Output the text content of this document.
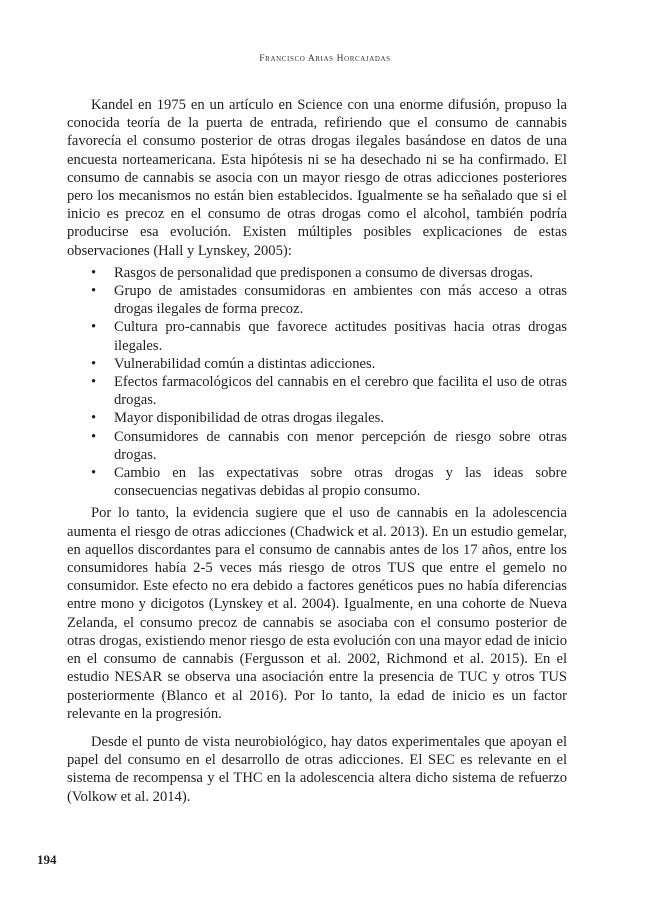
Francisco Arias Horcajadas

Kandel en 1975 en un artículo en Science con una enorme difusión, propuso la conocida teoría de la puerta de entrada, refiriendo que el consumo de cannabis favorecía el consumo posterior de otras drogas ilegales basándose en datos de una encuesta norteamericana. Esta hipótesis ni se ha desechado ni se ha confirmado. El consumo de cannabis se asocia con un mayor riesgo de otras adicciones posteriores pero los mecanismos no están bien establecidos. Igualmente se ha señalado que si el inicio es precoz en el consumo de otras drogas como el alcohol, también podría producirse esa evolución. Existen múltiples posibles explicaciones de estas observaciones (Hall y Lynskey, 2005):

• Rasgos de personalidad que predisponen a consumo de diversas drogas.
• Grupo de amistades consumidoras en ambientes con más acceso a otras drogas ilegales de forma precoz.
• Cultura pro-cannabis que favorece actitudes positivas hacia otras drogas ilegales.
• Vulnerabilidad común a distintas adicciones.
• Efectos farmacológicos del cannabis en el cerebro que facilita el uso de otras drogas.
• Mayor disponibilidad de otras drogas ilegales.
• Consumidores de cannabis con menor percepción de riesgo sobre otras drogas.
• Cambio en las expectativas sobre otras drogas y las ideas sobre consecuencias negativas debidas al propio consumo.

Por lo tanto, la evidencia sugiere que el uso de cannabis en la adolescencia aumenta el riesgo de otras adicciones (Chadwick et al. 2013). En un estudio gemelar, en aquellos discordantes para el consumo de cannabis antes de los 17 años, entre los consumidores había 2-5 veces más riesgo de otros TUS que entre el gemelo no consumidor. Este efecto no era debido a factores genéticos pues no había diferencias entre mono y dicigotos (Lynskey et al. 2004). Igualmente, en una cohorte de Nueva Zelanda, el consumo precoz de cannabis se asociaba con el consumo posterior de otras drogas, existiendo menor riesgo de esta evolución con una mayor edad de inicio en el consumo de cannabis (Fergusson et al. 2002, Richmond et al. 2015). En el estudio NESAR se observa una asociación entre la presencia de TUC y otros TUS posteriormente (Blanco et al 2016). Por lo tanto, la edad de inicio es un factor relevante en la progresión.

Desde el punto de vista neurobiológico, hay datos experimentales que apoyan el papel del consumo en el desarrollo de otras adicciones. El SEC es relevante en el sistema de recompensa y el THC en la adolescencia altera dicho sistema de refuerzo (Volkow et al. 2014).

194
